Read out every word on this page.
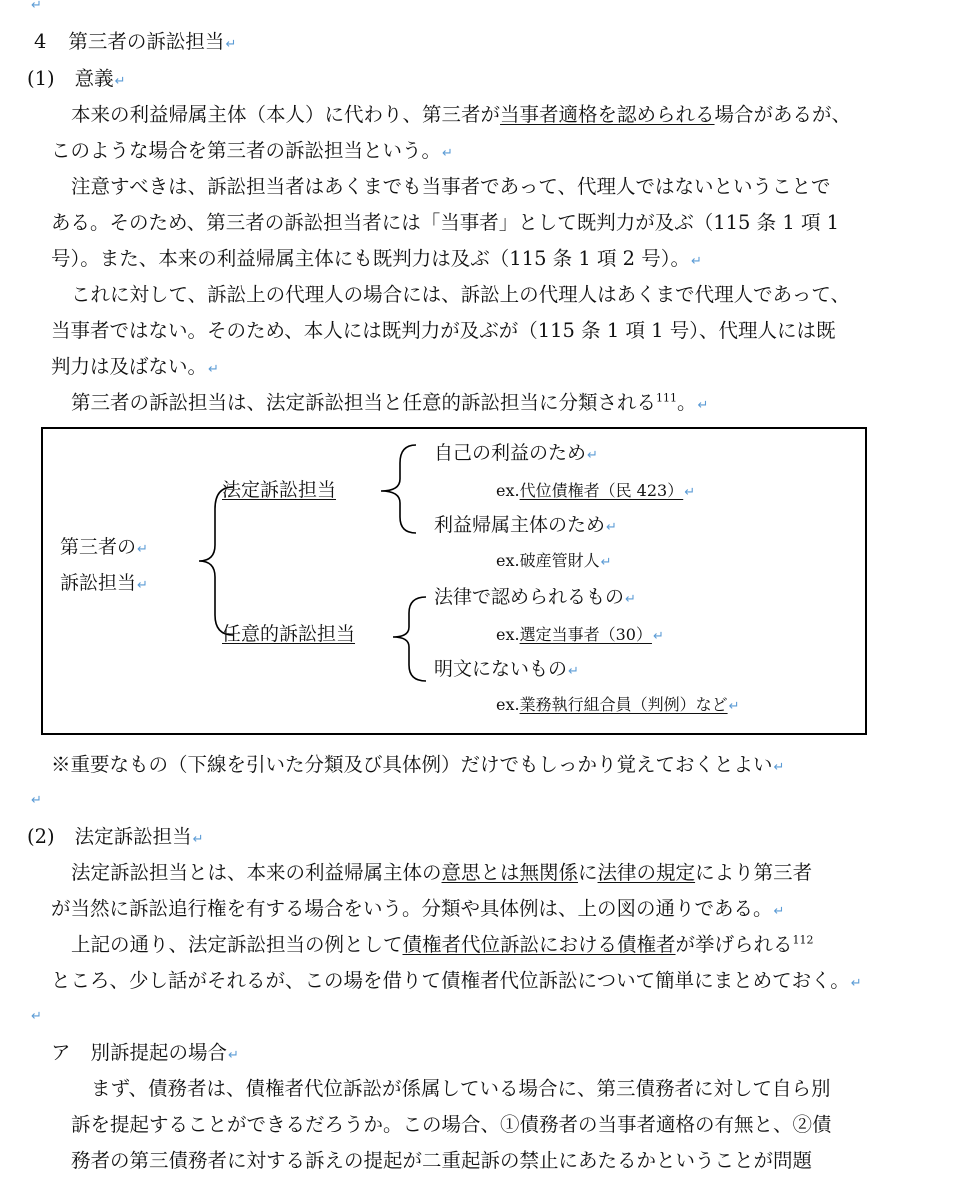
↵
4 第三者の訴訟担当↵
(1) 意義↵
本来の利益帰属主体（本人）に代わり、第三者が当事者適格を認められる場合があるが、
このような場合を第三者の訴訟担当という。↵
注意すべきは、訴訟担当者はあくまでも当事者であって、代理人ではないということで
ある。そのため、第三者の訴訟担当者には「当事者」として既判力が及ぶ（115 条 1 項 1
号）。また、本来の利益帰属主体にも既判力は及ぶ（115 条 1 項 2 号）。↵
これに対して、訴訟上の代理人の場合には、訴訟上の代理人はあくまで代理人であって、
当事者ではない。そのため、本人には既判力が及ぶが（115 条 1 項 1 号）、代理人には既
判力は及ばない。↵
第三者の訴訟担当は、法定訴訟担当と任意的訴訟担当に分類される$^{111}$。↵
第三者の↵
訴訟担当↵
法定訴訟担当
任意的訴訟担当
自己の利益のため↵
ex.代位債権者（民 423）↵
利益帰属主体のため↵
ex.破産管財人↵
法律で認められるもの↵
ex.選定当事者（30）↵
明文にないもの↵
ex.業務執行組合員（判例）など↵
※重要なもの（下線を引いた分類及び具体例）だけでもしっかり覚えておくとよい↵
↵
(2) 法定訴訟担当↵
法定訴訟担当とは、本来の利益帰属主体の意思とは無関係に法律の規定により第三者
が当然に訴訟追行権を有する場合をいう。分類や具体例は、上の図の通りである。↵
上記の通り、法定訴訟担当の例として債権者代位訴訟における債権者が挙げられる$^{112}$
ところ、少し話がそれるが、この場を借りて債権者代位訴訟について簡単にまとめておく。↵
↵
ア 別訴提起の場合↵
まず、債務者は、債権者代位訴訟が係属している場合に、第三債務者に対して自ら別
訴を提起することができるだろうか。この場合、①債務者の当事者適格の有無と、②債
務者の第三債務者に対する訴えの提起が二重起訴の禁止にあたるかということが問題
